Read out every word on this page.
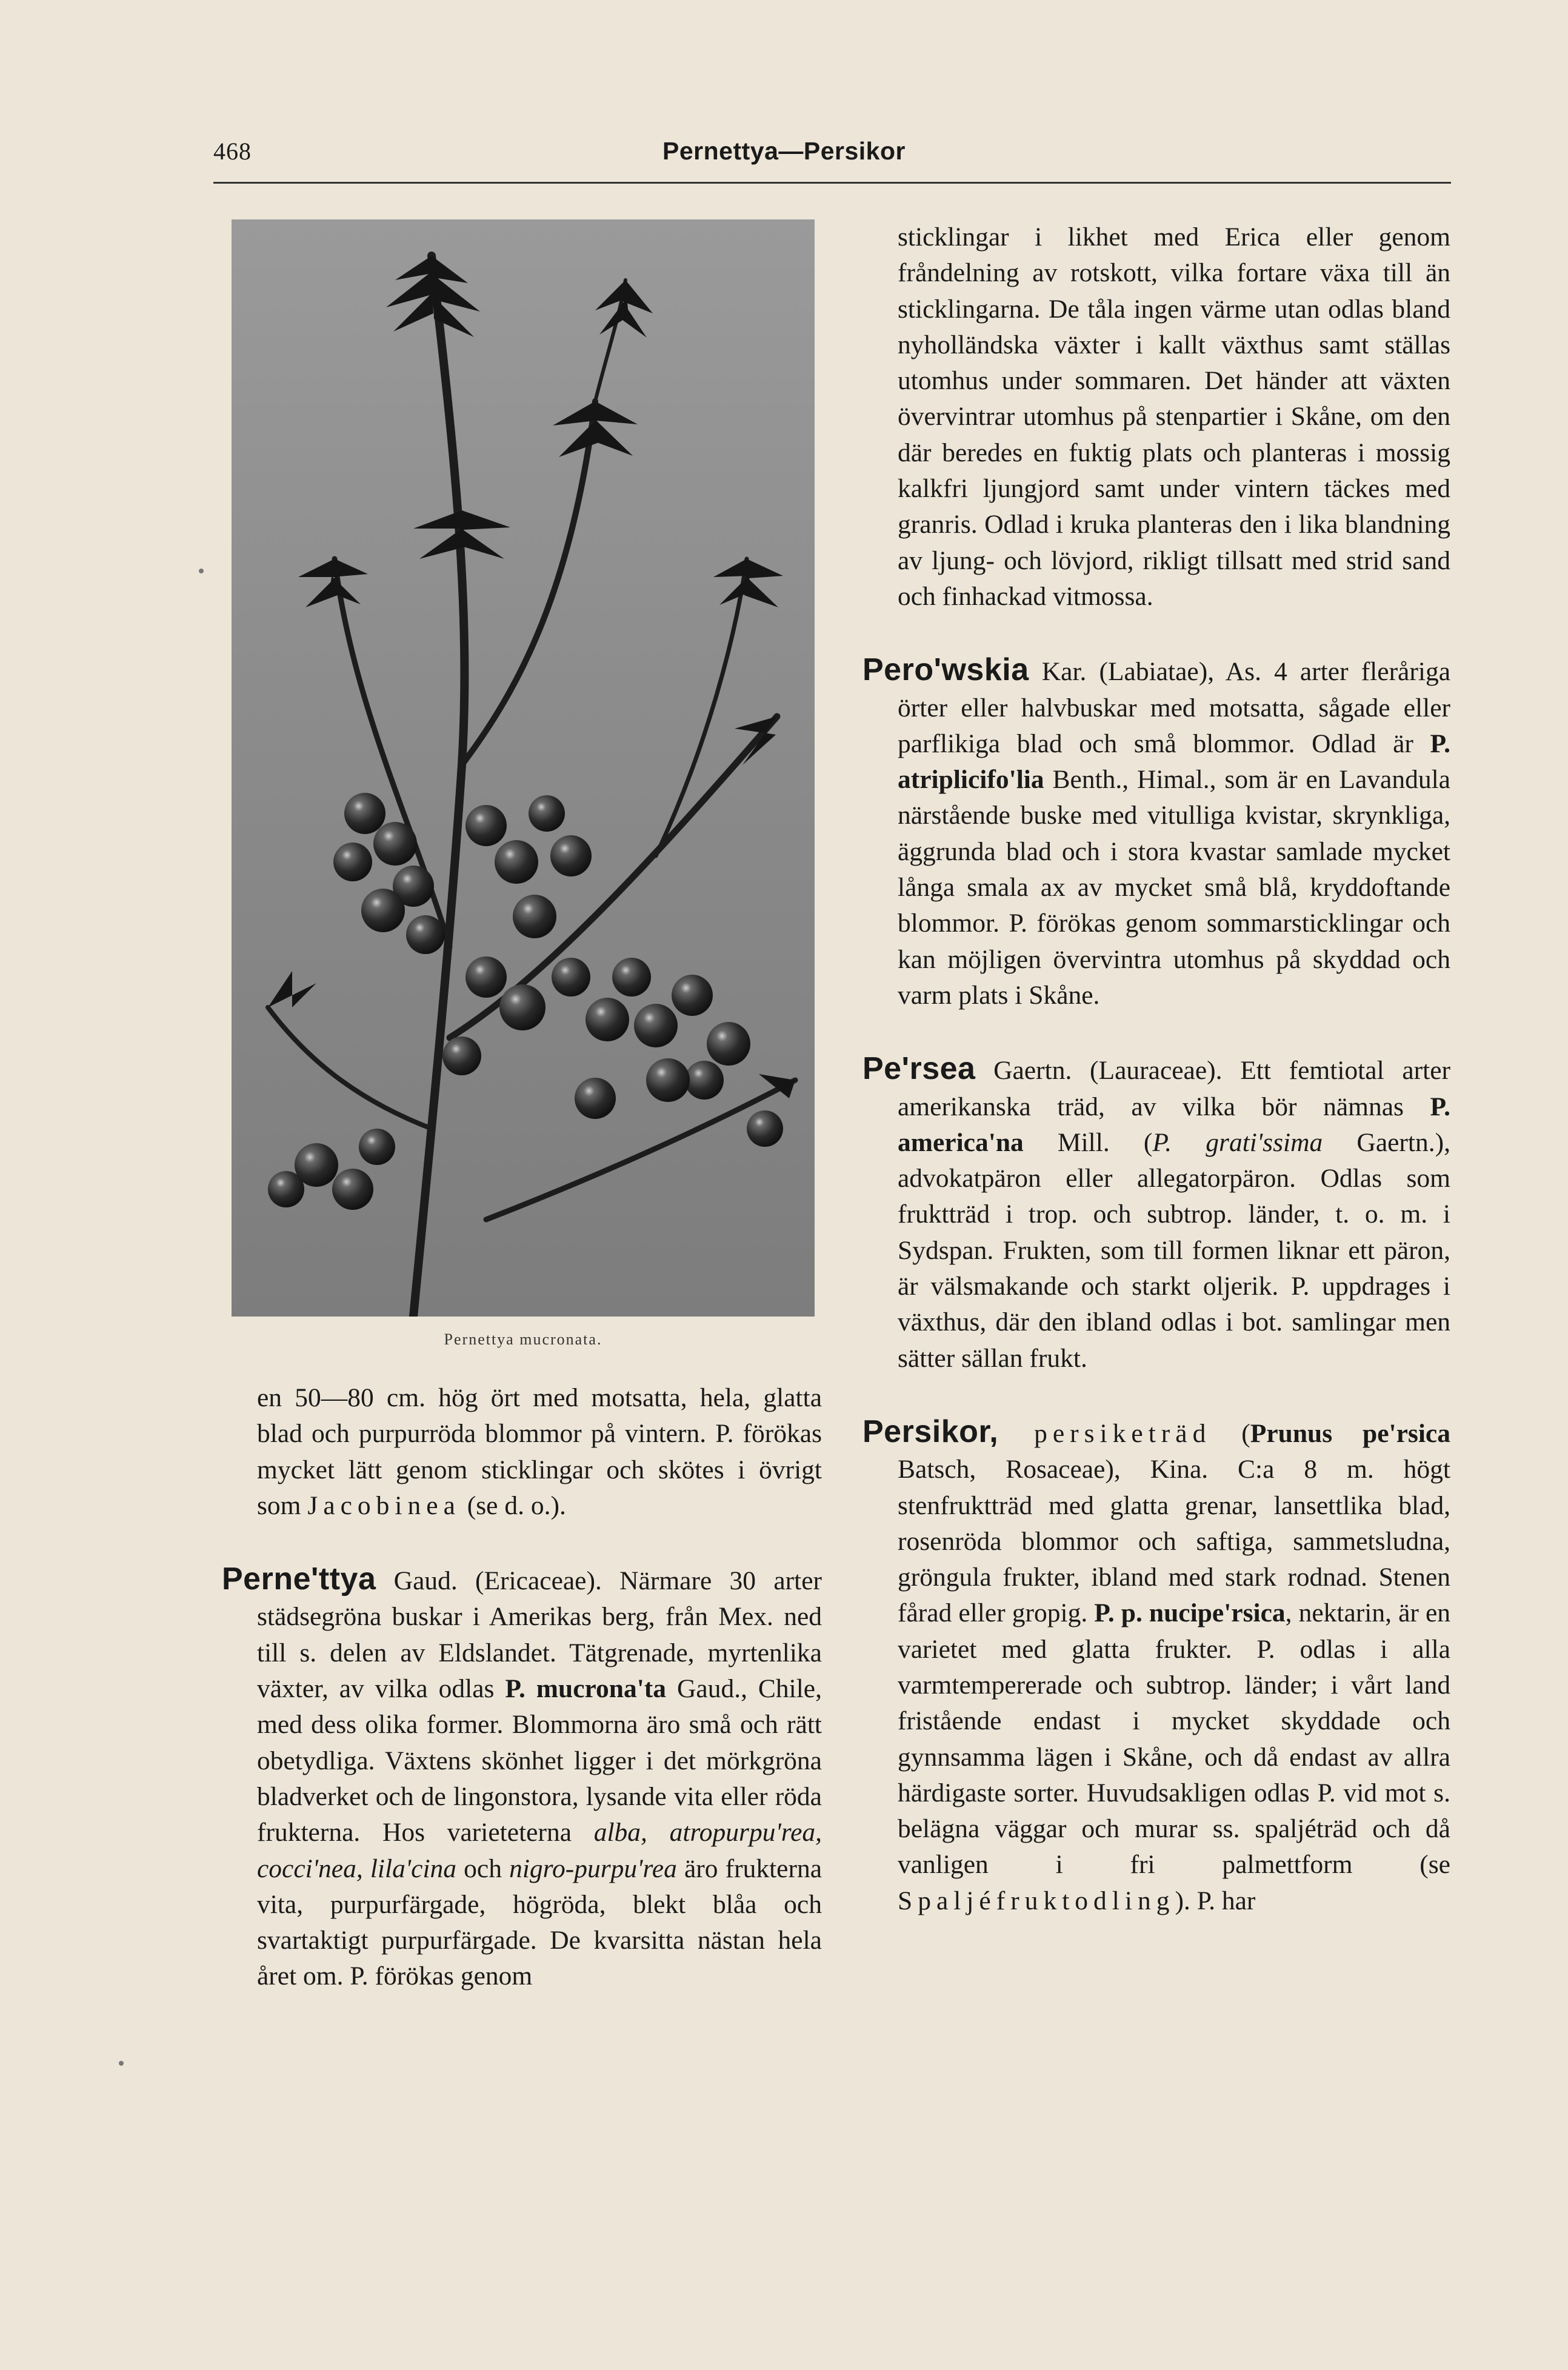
468	Pernettya—Persikor
Pernettya mucronata.

en 50—80 cm. hög ört med motsatta, hela, glatta blad och purpurröda blommor på vintern. P. förökas mycket lätt genom sticklingar och skötes i övrigt som Jacobinea (se d. o.).

Perne'ttya Gaud. (Ericaceae). Närmare 30 arter städsegröna buskar i Amerikas berg, från Mex. ned till s. delen av Eldslandet. Tätgrenade, myrtenlika växter, av vilka odlas P. mucrona'ta Gaud., Chile, med dess olika former. Blommorna äro små och rätt obetydliga. Växtens skönhet ligger i det mörkgröna bladverket och de lingonstora, lysande vita eller röda frukterna. Hos varieteterna alba, atropurpu'rea, cocci'nea, lila'cina och nigro-purpu'rea äro frukterna vita, purpurfärgade, högröda, blekt blåa och svartaktigt purpurfärgade. De kvarsitta nästan hela året om. P. förökas genom

sticklingar i likhet med Erica eller genom fråndelning av rotskott, vilka fortare växa till än sticklingarna. De tåla ingen värme utan odlas bland nyholländska växter i kallt växthus samt ställas utomhus under sommaren. Det händer att växten övervintrar utomhus på stenpartier i Skåne, om den där beredes en fuktig plats och planteras i mossig kalkfri ljungjord samt under vintern täckes med granris. Odlad i kruka planteras den i lika blandning av ljung- och lövjord, rikligt tillsatt med strid sand och finhackad vitmossa.

Pero'wskia Kar. (Labiatae), As. 4 arter fleråriga örter eller halvbuskar med motsatta, sågade eller parflikiga blad och små blommor. Odlad är P. atriplicifo'lia Benth., Himal., som är en Lavandula närstående buske med vitulliga kvistar, skrynkliga, äggrunda blad och i stora kvastar samlade mycket långa smala ax av mycket små blå, kryddoftande blommor. P. förökas genom sommarsticklingar och kan möjligen övervintra utomhus på skyddad och varm plats i Skåne.

Pe'rsea Gaertn. (Lauraceae). Ett femtiotal arter amerikanska träd, av vilka bör nämnas P. america'na Mill. (P. grati'ssima Gaertn.), advokatpäron eller allegatorpäron. Odlas som fruktträd i trop. och subtrop. länder, t. o. m. i Sydspan. Frukten, som till formen liknar ett päron, är välsmakande och starkt oljerik. P. uppdrages i växthus, där den ibland odlas i bot. samlingar men sätter sällan frukt.

Persikor, persiketräd (Prunus pe'rsica Batsch, Rosaceae), Kina. C:a 8 m. högt stenfruktträd med glatta grenar, lansettlika blad, rosenröda blommor och saftiga, sammetsludna, gröngula frukter, ibland med stark rodnad. Stenen fårad eller gropig. P. p. nucipe'rsica, nektarin, är en varietet med glatta frukter. P. odlas i alla varmtempererade och subtrop. länder; i vårt land fristående endast i mycket skyddade och gynnsamma lägen i Skåne, och då endast av allra härdigaste sorter. Huvudsakligen odlas P. vid mot s. belägna väggar och murar ss. spaljéträd och då vanligen i fri palmettform (se Spaljéfruktodling). P. har
